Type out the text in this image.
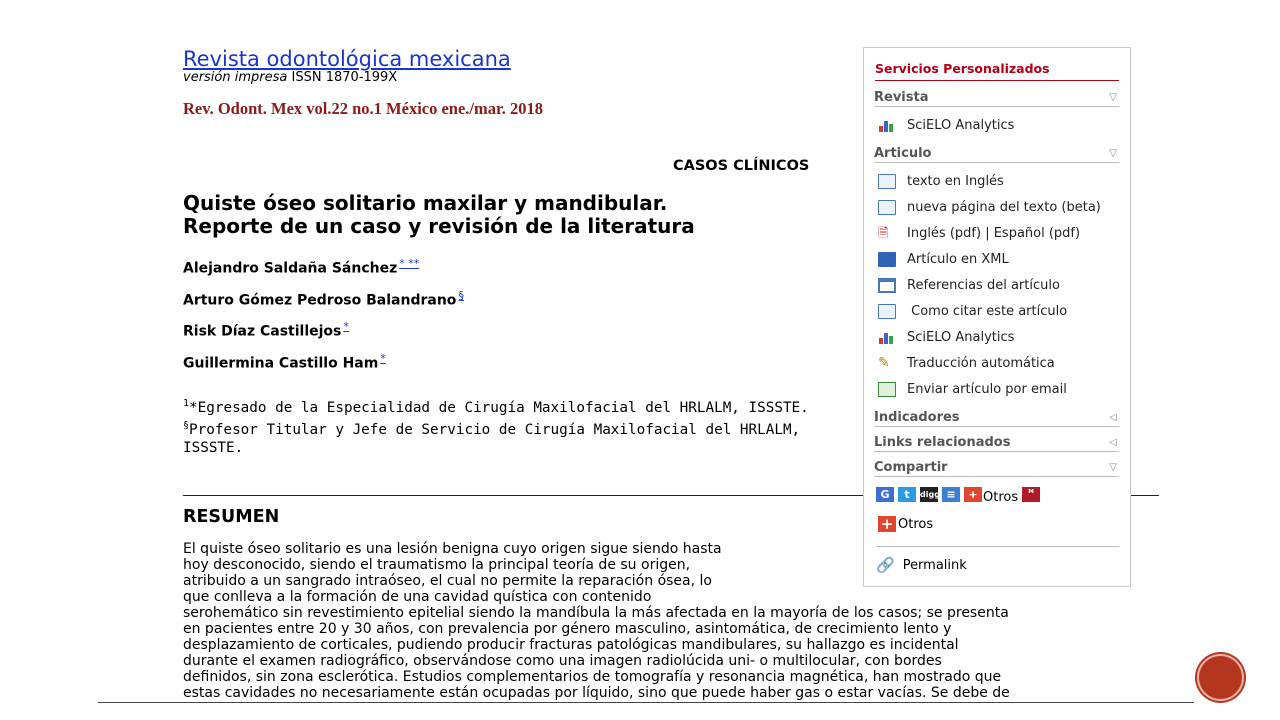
Revista odontológica mexicana
versión impresa ISSN 1870-199X
Rev. Odont. Mex vol.22 no.1 México ene./mar. 2018
CASOS CLÍNICOS
Quiste óseo solitario maxilar y mandibular.
Reporte de un caso y revisión de la literatura
Alejandro Saldaña Sánchez * **
Arturo Gómez Pedroso Balandrano §
Risk Díaz Castillejos *
Guillermina Castillo Ham *
$^1$*Egresado de la Especialidad de Cirugía Maxilofacial del HRLALM, ISSSTE.
§Profesor Titular y Jefe de Servicio de Cirugía Maxilofacial del HRLALM,
ISSSTE.
RESUMEN
El quiste óseo solitario es una lesión benigna cuyo origen sigue siendo hasta
hoy desconocido, siendo el traumatismo la principal teoría de su origen,
atribuido a un sangrado intraóseo, el cual no permite la reparación ósea, lo
que conlleva a la formación de una cavidad quística con contenido
serohemático sin revestimiento epitelial siendo la mandíbula la más afectada en la mayoría de los casos; se presenta
en pacientes entre 20 y 30 años, con prevalencia por género masculino, asintomática, de crecimiento lento y
desplazamiento de corticales, pudiendo producir fracturas patológicas mandibulares, su hallazgo es incidental
durante el examen radiográfico, observándose como una imagen radiolúcida uni- o multilocular, con bordes
definidos, sin zona esclerótica. Estudios complementarios de tomografía y resonancia magnética, han mostrado que
estas cavidades no necesariamente están ocupadas por líquido, sino que puede haber gas o estar vacías. Se debe de
Servicios Personalizados
Revista	▽
SciELO Analytics
Articulo	▽
texto en Inglés
nueva página del texto (beta)
🗎	Inglés (pdf) | Español (pdf)
Artículo en XML
Referencias del artículo
Como citar este artículo
SciELO Analytics
✎	Traducción automática
Enviar artículo por email
Indicadores	◁
Links relacionados	◁
Compartir	▽
G	t	digg ≡	+ Otros	ᴹ
+ Otros
🔗 Permalink
